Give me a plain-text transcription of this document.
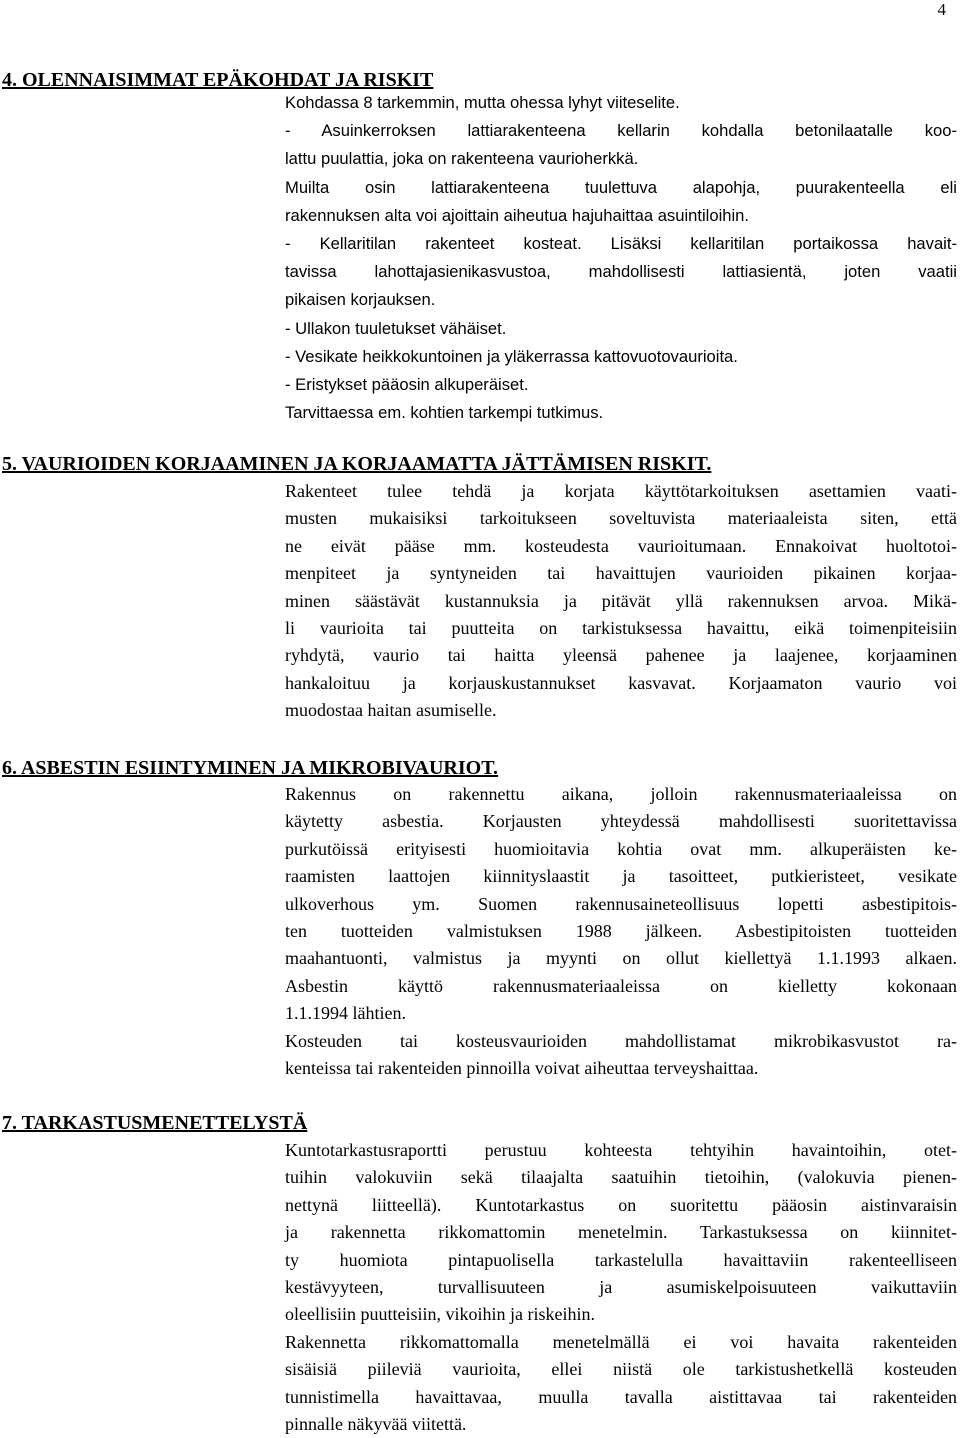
4
4. OLENNAISIMMAT EPÄKOHDAT JA RISKIT
Kohdassa 8 tarkemmin, mutta ohessa lyhyt viiteselite.
- Asuinkerroksen lattiarakenteena kellarin kohdalla betonilaatalle koo-
lattu puulattia, joka on rakenteena vaurioherkkä.
Muilta osin lattiarakenteena tuulettuva alapohja, puurakenteella eli
rakennuksen alta voi ajoittain aiheutua hajuhaittaa asuintiloihin.
- Kellaritilan rakenteet kosteat. Lisäksi kellaritilan portaikossa havait-
tavissa lahottajasienikasvustoa, mahdollisesti lattiasientä, joten vaatii
pikaisen korjauksen.
- Ullakon tuuletukset vähäiset.
- Vesikate heikkokuntoinen ja yläkerrassa kattovuotovaurioita.
- Eristykset pääosin alkuperäiset.
Tarvittaessa em. kohtien tarkempi tutkimus.
5. VAURIOIDEN KORJAAMINEN JA KORJAAMATTA JÄTTÄMISEN RISKIT.
Rakenteet tulee tehdä ja korjata käyttötarkoituksen asettamien vaati-
musten mukaisiksi tarkoitukseen soveltuvista materiaaleista siten, että
ne eivät pääse mm. kosteudesta vaurioitumaan. Ennakoivat huoltotoi-
menpiteet ja syntyneiden tai havaittujen vaurioiden pikainen korjaa-
minen säästävät kustannuksia ja pitävät yllä rakennuksen arvoa. Mikä-
li vaurioita tai puutteita on tarkistuksessa havaittu, eikä toimenpiteisiin
ryhdytä, vaurio tai haitta yleensä pahenee ja laajenee, korjaaminen
hankaloituu ja korjauskustannukset kasvavat. Korjaamaton vaurio voi
muodostaa haitan asumiselle.
6. ASBESTIN ESIINTYMINEN JA MIKROBIVAURIOT.
Rakennus on rakennettu aikana, jolloin rakennusmateriaaleissa on
käytetty asbestia. Korjausten yhteydessä mahdollisesti suoritettavissa
purkutöissä erityisesti huomioitavia kohtia ovat mm. alkuperäisten ke-
raamisten laattojen kiinnityslaastit ja tasoitteet, putkieristeet, vesikate
ulkoverhous ym. Suomen rakennusaineteollisuus lopetti asbestipitois-
ten tuotteiden valmistuksen 1988 jälkeen. Asbestipitoisten tuotteiden
maahantuonti, valmistus ja myynti on ollut kiellettyä 1.1.1993 alkaen.
Asbestin käyttö rakennusmateriaaleissa on kielletty kokonaan
1.1.1994 lähtien.
Kosteuden tai kosteusvaurioiden mahdollistamat mikrobikasvustot ra-
kenteissa tai rakenteiden pinnoilla voivat aiheuttaa terveyshaittaa.
7. TARKASTUSMENETTELYSTÄ
Kuntotarkastusraportti perustuu kohteesta tehtyihin havaintoihin, otet-
tuihin valokuviin sekä tilaajalta saatuihin tietoihin, (valokuvia pienen-
nettynä liitteellä). Kuntotarkastus on suoritettu pääosin aistinvaraisin
ja rakennetta rikkomattomin menetelmin. Tarkastuksessa on kiinnitet-
ty huomiota pintapuolisella tarkastelulla havaittaviin rakenteelliseen
kestävyyteen, turvallisuuteen ja asumiskelpoisuuteen vaikuttaviin
oleellisiin puutteisiin, vikoihin ja riskeihin.
Rakennetta rikkomattomalla menetelmällä ei voi havaita rakenteiden
sisäisiä piileviä vaurioita, ellei niistä ole tarkistushetkellä kosteuden
tunnistimella havaittavaa, muulla tavalla aistittavaa tai rakenteiden
pinnalle näkyvää viitettä.
